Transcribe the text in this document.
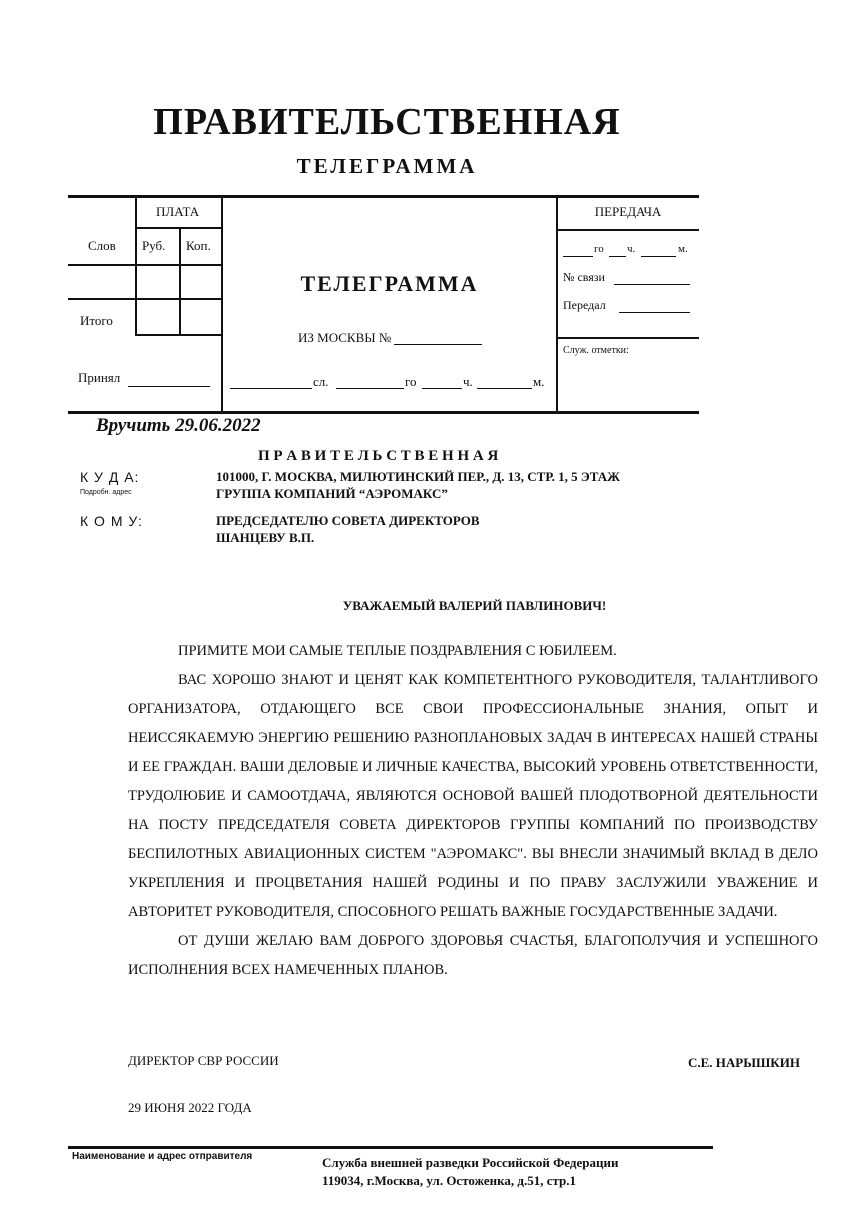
ПРАВИТЕЛЬСТВЕННАЯ
ТЕЛЕГРАММА
ПЛАТА
Слов Руб. Коп.
Итого
Принял
ТЕЛЕГРАММА
ИЗ МОСКВЫ №
сл.	го	ч.	м.
ПЕРЕДАЧА
го ч.	м.
№ связи
Передал
Служ. отметки:
Вручить 29.06.2022
П Р А В И Т Е Л Ь С Т В Е Н Н А Я
К У Д А:
Подробн. адрес
101000, Г. МОСКВА, МИЛЮТИНСКИЙ ПЕР., Д. 13, СТР. 1, 5 ЭТАЖ
ГРУППА КОМПАНИЙ “АЭРОМАКС”
К О М У:	ПРЕДСЕДАТЕЛЮ СОВЕТА ДИРЕКТОРОВ
ШАНЦЕВУ В.П.
УВАЖАЕМЫЙ ВАЛЕРИЙ ПАВЛИНОВИЧ!
ПРИМИТЕ МОИ САМЫЕ ТЕПЛЫЕ ПОЗДРАВЛЕНИЯ С ЮБИЛЕЕМ.
ВАС ХОРОШО ЗНАЮТ И ЦЕНЯТ КАК КОМПЕТЕНТНОГО РУКОВОДИТЕЛЯ, ТАЛАНТЛИВОГО ОРГАНИЗАТОРА, ОТДАЮЩЕГО ВСЕ СВОИ ПРОФЕССИОНАЛЬНЫЕ ЗНАНИЯ, ОПЫТ И НЕИССЯКАЕМУЮ ЭНЕРГИЮ РЕШЕНИЮ РАЗНОПЛАНОВЫХ ЗАДАЧ В ИНТЕРЕСАХ НАШЕЙ СТРАНЫ И ЕЕ ГРАЖДАН. ВАШИ ДЕЛОВЫЕ И ЛИЧНЫЕ КАЧЕСТВА, ВЫСОКИЙ УРОВЕНЬ ОТВЕТСТВЕННОСТИ, ТРУДОЛЮБИЕ И САМООТДАЧА, ЯВЛЯЮТСЯ ОСНОВОЙ ВАШЕЙ ПЛОДОТВОРНОЙ ДЕЯТЕЛЬНОСТИ НА ПОСТУ ПРЕДСЕДАТЕЛЯ СОВЕТА ДИРЕКТОРОВ ГРУППЫ КОМПАНИЙ ПО ПРОИЗВОДСТВУ БЕСПИЛОТНЫХ АВИАЦИОННЫХ СИСТЕМ "АЭРОМАКС". ВЫ ВНЕСЛИ ЗНАЧИМЫЙ ВКЛАД В ДЕЛО УКРЕПЛЕНИЯ И ПРОЦВЕТАНИЯ НАШЕЙ РОДИНЫ И ПО ПРАВУ ЗАСЛУЖИЛИ УВАЖЕНИЕ И АВТОРИТЕТ РУКОВОДИТЕЛЯ, СПОСОБНОГО РЕШАТЬ ВАЖНЫЕ ГОСУДАРСТВЕННЫЕ ЗАДАЧИ.
ОТ ДУШИ ЖЕЛАЮ ВАМ ДОБРОГО ЗДОРОВЬЯ СЧАСТЬЯ, БЛАГОПОЛУЧИЯ И УСПЕШНОГО ИСПОЛНЕНИЯ ВСЕХ НАМЕЧЕННЫХ ПЛАНОВ.
ДИРЕКТОР СВР РОССИИ	С.Е. НАРЫШКИН
29 ИЮНЯ 2022 ГОДА
Наименование и адрес отправителя	Служба внешней разведки Российской Федерации
119034, г.Москва, ул. Остоженка, д.51, стр.1
